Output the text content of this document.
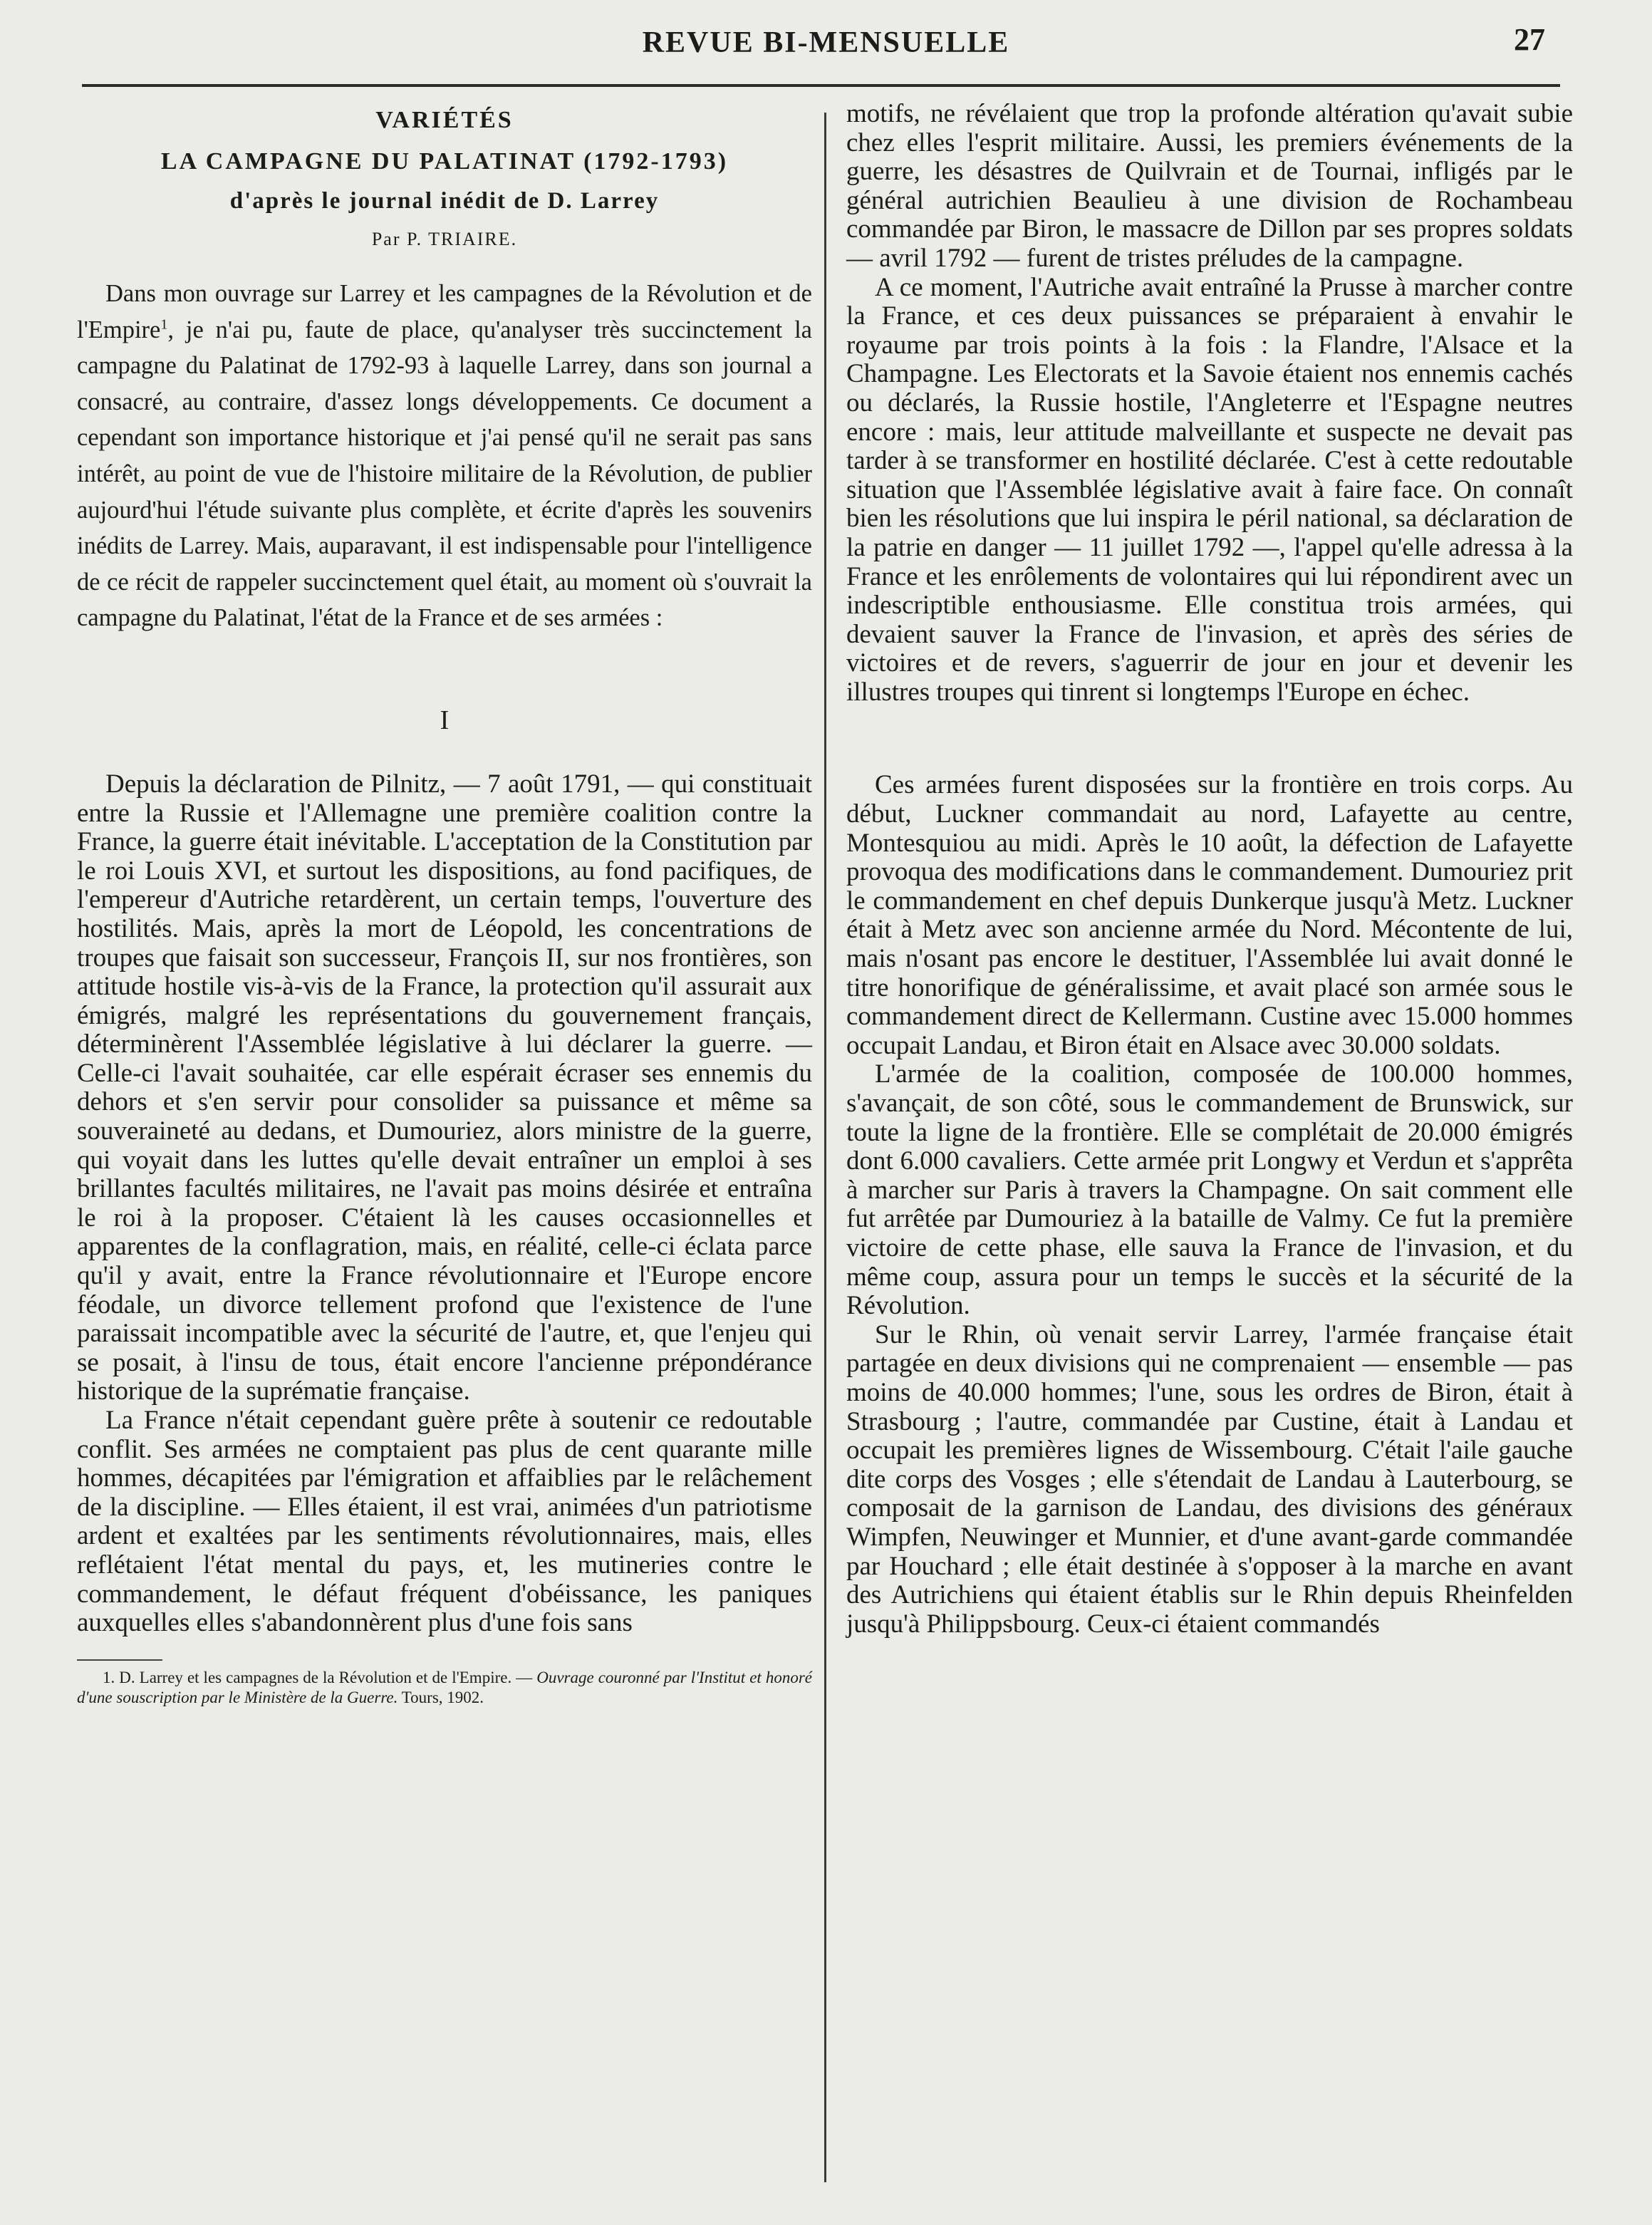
REVUE BI-MENSUELLE	27

VARIÉTÉS

LA CAMPAGNE DU PALATINAT (1792-1793)

d'après le journal inédit de D. Larrey

Par P. TRIAIRE.

Dans mon ouvrage sur Larrey et les campagnes de la Révolution et de l'Empire$^1$, je n'ai pu, faute de place, qu'analyser très succinctement la campagne du Palatinat de 1792-93 à laquelle Larrey, dans son journal a consacré, au contraire, d'assez longs développements. Ce document a cependant son importance historique et j'ai pensé qu'il ne serait pas sans intérêt, au point de vue de l'histoire militaire de la Révolution, de publier aujourd'hui l'étude suivante plus complète, et écrite d'après les souvenirs inédits de Larrey. Mais, auparavant, il est indispensable pour l'intelligence de ce récit de rappeler succinctement quel était, au moment où s'ouvrait la campagne du Palatinat, l'état de la France et de ses armées :

I

Depuis la déclaration de Pilnitz, — 7 août 1791, — qui constituait entre la Russie et l'Allemagne une première coalition contre la France, la guerre était inévitable. L'acceptation de la Constitution par le roi Louis XVI, et surtout les dispositions, au fond pacifiques, de l'empereur d'Autriche retardèrent, un certain temps, l'ouverture des hostilités. Mais, après la mort de Léopold, les concentrations de troupes que faisait son successeur, François II, sur nos frontières, son attitude hostile vis-à-vis de la France, la protection qu'il assurait aux émigrés, malgré les représentations du gouvernement français, déterminèrent l'Assemblée législative à lui déclarer la guerre. — Celle-ci l'avait souhaitée, car elle espérait écraser ses ennemis du dehors et s'en servir pour consolider sa puissance et même sa souveraineté au dedans, et Dumouriez, alors ministre de la guerre, qui voyait dans les luttes qu'elle devait entraîner un emploi à ses brillantes facultés militaires, ne l'avait pas moins désirée et entraîna le roi à la proposer. C'étaient là les causes occasionnelles et apparentes de la conflagration, mais, en réalité, celle-ci éclata parce qu'il y avait, entre la France révolutionnaire et l'Europe encore féodale, un divorce tellement profond que l'existence de l'une paraissait incompatible avec la sécurité de l'autre, et, que l'enjeu qui se posait, à l'insu de tous, était encore l'ancienne prépondérance historique de la suprématie française.

La France n'était cependant guère prête à soutenir ce redoutable conflit. Ses armées ne comptaient pas plus de cent quarante mille hommes, décapitées par l'émigration et affaiblies par le relâchement de la discipline. — Elles étaient, il est vrai, animées d'un patriotisme ardent et exaltées par les sentiments révolutionnaires, mais, elles reflétaient l'état mental du pays, et, les mutineries contre le commandement, le défaut fréquent d'obéissance, les paniques auxquelles elles s'abandonnèrent plus d'une fois sans

1. D. Larrey et les campagnes de la Révolution et de l'Empire. — Ouvrage couronné par l'Institut et honoré d'une souscription par le Ministère de la Guerre. Tours, 1902.

motifs, ne révélaient que trop la profonde altération qu'avait subie chez elles l'esprit militaire. Aussi, les premiers événements de la guerre, les désastres de Quilvrain et de Tournai, infligés par le général autrichien Beaulieu à une division de Rochambeau commandée par Biron, le massacre de Dillon par ses propres soldats — avril 1792 — furent de tristes préludes de la campagne.

A ce moment, l'Autriche avait entraîné la Prusse à marcher contre la France, et ces deux puissances se préparaient à envahir le royaume par trois points à la fois : la Flandre, l'Alsace et la Champagne. Les Electorats et la Savoie étaient nos ennemis cachés ou déclarés, la Russie hostile, l'Angleterre et l'Espagne neutres encore : mais, leur attitude malveillante et suspecte ne devait pas tarder à se transformer en hostilité déclarée. C'est à cette redoutable situation que l'Assemblée législative avait à faire face. On connaît bien les résolutions que lui inspira le péril national, sa déclaration de la patrie en danger — 11 juillet 1792 —, l'appel qu'elle adressa à la France et les enrôlements de volontaires qui lui répondirent avec un indescriptible enthousiasme. Elle constitua trois armées, qui devaient sauver la France de l'invasion, et après des séries de victoires et de revers, s'aguerrir de jour en jour et devenir les illustres troupes qui tinrent si longtemps l'Europe en échec.

Ces armées furent disposées sur la frontière en trois corps. Au début, Luckner commandait au nord, Lafayette au centre, Montesquiou au midi. Après le 10 août, la défection de Lafayette provoqua des modifications dans le commandement. Dumouriez prit le commandement en chef depuis Dunkerque jusqu'à Metz. Luckner était à Metz avec son ancienne armée du Nord. Mécontente de lui, mais n'osant pas encore le destituer, l'Assemblée lui avait donné le titre honorifique de généralissime, et avait placé son armée sous le commandement direct de Kellermann. Custine avec 15.000 hommes occupait Landau, et Biron était en Alsace avec 30.000 soldats.

L'armée de la coalition, composée de 100.000 hommes, s'avançait, de son côté, sous le commandement de Brunswick, sur toute la ligne de la frontière. Elle se complétait de 20.000 émigrés dont 6.000 cavaliers. Cette armée prit Longwy et Verdun et s'apprêta à marcher sur Paris à travers la Champagne. On sait comment elle fut arrêtée par Dumouriez à la bataille de Valmy. Ce fut la première victoire de cette phase, elle sauva la France de l'invasion, et du même coup, assura pour un temps le succès et la sécurité de la Révolution.

Sur le Rhin, où venait servir Larrey, l'armée française était partagée en deux divisions qui ne comprenaient — ensemble — pas moins de 40.000 hommes; l'une, sous les ordres de Biron, était à Strasbourg ; l'autre, commandée par Custine, était à Landau et occupait les premières lignes de Wissembourg. C'était l'aile gauche dite corps des Vosges ; elle s'étendait de Landau à Lauterbourg, se composait de la garnison de Landau, des divisions des généraux Wimpfen, Neuwinger et Munnier, et d'une avant-garde commandée par Houchard ; elle était destinée à s'opposer à la marche en avant des Autrichiens qui étaient établis sur le Rhin depuis Rheinfelden jusqu'à Philippsbourg. Ceux-ci étaient commandés
